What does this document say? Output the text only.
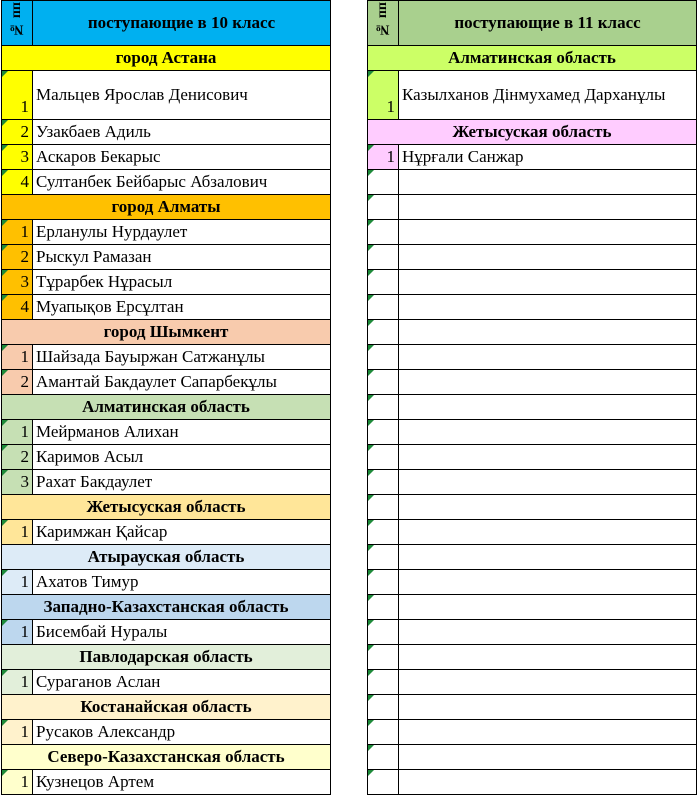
№ пп	поступающие в 10 класс
город Астана	
1	Мальцев Ярослав Денисович
2	Узакбаев Адиль
3	Аскаров Бекарыс
4	Султанбек Бейбарыс Абзалович
город Алматы	
1	Ерланулы Нурдаулет
2	Рыскул Рамазан
3	Тұрарбек Нұрасыл
4	Муапықов Ерсұлтан
город Шымкент	
1	Шайзада Бауыржан Сатжанұлы
2	Амантай Бакдаулет Сапарбекұлы
Алматинская область	
1	Мейрманов Алихан
2	Каримов Асыл
3	Рахат Бакдаулет
Жетысуская область	
1	Каримжан Қайсар
Атырауская область	
1	Ахатов Тимур
Западно-Казахстанская область	
1	Бисембай Нуралы
Павлодарская область	
1	Сураганов Аслан
Костанайская область	
1	Русаков Александр
Северо-Казахстанская область	
1	Кузнецов Артем
№ пп	поступающие в 11 класс
Алматинская область	
1	Казылханов Дінмухамед Дарханұлы
Жетысуская область	
1	Нұрғали Санжар
